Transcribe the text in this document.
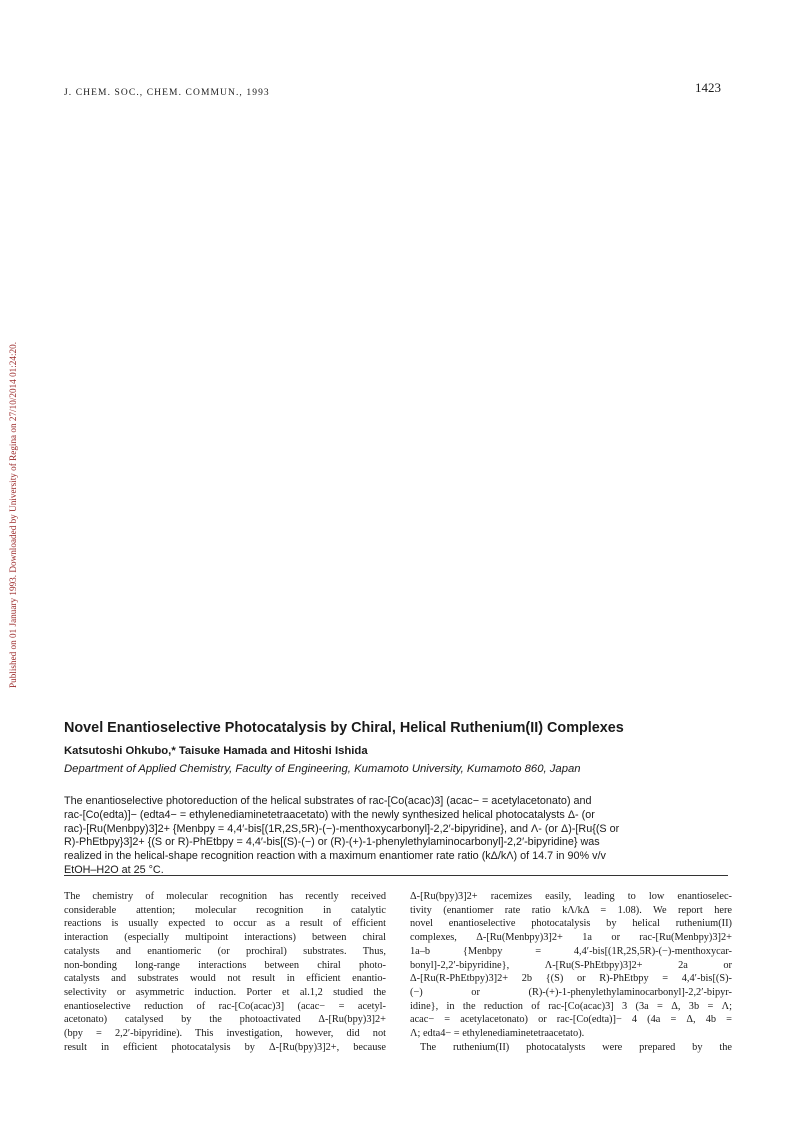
J. CHEM. SOC., CHEM. COMMUN., 1993	1423
Published on 01 January 1993. Downloaded by University of Regina on 27/10/2014 01:24:20.
Novel Enantioselective Photocatalysis by Chiral, Helical Ruthenium(II) Complexes
Katsutoshi Ohkubo,* Taisuke Hamada and Hitoshi Ishida
Department of Applied Chemistry, Faculty of Engineering, Kumamoto University, Kumamoto 860, Japan
The enantioselective photoreduction of the helical substrates of rac-[Co(acac)3] (acac− = acetylacetonato) and
rac-[Co(edta)]− (edta4− = ethylenediaminetetraacetato) with the newly synthesized helical photocatalysts Δ- (or
rac)-[Ru(Menbpy)3]2+ {Menbpy = 4,4′-bis[(1R,2S,5R)-(−)-menthoxycarbonyl]-2,2′-bipyridine}, and Λ- (or Δ)-[Ru{(S or
R)-PhEtbpy}3]2+ {(S or R)-PhEtbpy = 4,4′-bis[(S)-(−) or (R)-(+)-1-phenylethylaminocarbonyl]-2,2′-bipyridine} was
realized in the helical-shape recognition reaction with a maximum enantiomer rate ratio (kΔ/kΛ) of 14.7 in 90% v/v
EtOH–H2O at 25 °C.
The chemistry of molecular recognition has recently received
considerable attention; molecular recognition in catalytic
reactions is usually expected to occur as a result of efficient
interaction (especially multipoint interactions) between chiral
catalysts and enantiomeric (or prochiral) substrates. Thus,
non-bonding long-range interactions between chiral photo-
catalysts and substrates would not result in efficient enantio-
selectivity or asymmetric induction. Porter et al.1,2 studied the
enantioselective reduction of rac-[Co(acac)3] (acac− = acetyl-
acetonato) catalysed by the photoactivated Δ-[Ru(bpy)3]2+
(bpy = 2,2′-bipyridine). This investigation, however, did not
result in efficient photocatalysis by Δ-[Ru(bpy)3]2+, because
Δ-[Ru(bpy)3]2+ racemizes easily, leading to low enantioselec-
tivity (enantiomer rate ratio kΛ/kΔ = 1.08). We report here
novel enantioselective photocatalysis by helical ruthenium(II)
complexes, Δ-[Ru(Menbpy)3]2+ 1a or rac-[Ru(Menbpy)3]2+
1a–b {Menbpy = 4,4′-bis[(1R,2S,5R)-(−)-menthoxycar-
bonyl]-2,2′-bipyridine}, Λ-[Ru(S-PhEtbpy)3]2+ 2a or
Δ-[Ru(R-PhEtbpy)3]2+ 2b {(S) or R)-PhEtbpy = 4,4′-bis[(S)-
(−) or (R)-(+)-1-phenylethylaminocarbonyl]-2,2′-bipyr-
idine}, in the reduction of rac-[Co(acac)3] 3 (3a = Δ, 3b = Λ;
acac− = acetylacetonato) or rac-[Co(edta)]− 4 (4a = Δ, 4b =
Λ; edta4− = ethylenediaminetetraacetato).
The ruthenium(II) photocatalysts were prepared by the
